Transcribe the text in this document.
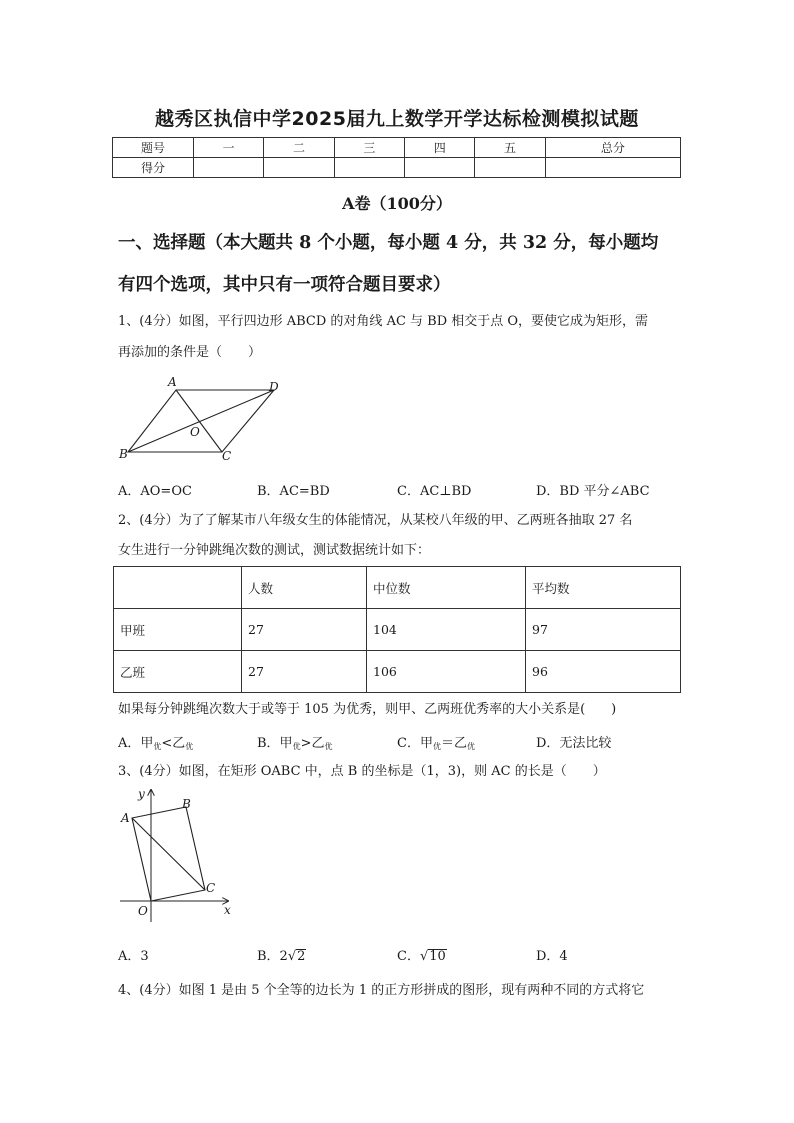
越秀区执信中学2025届九上数学开学达标检测模拟试题
题号	一	二	三	四	五	总分
得分						
A卷（100分）
一、选择题（本大题共 8 个小题，每小题 4 分，共 32 分，每小题均
有四个选项，其中只有一项符合题目要求）
1、(4分）如图，平行四边形 ABCD 的对角线 AC 与 BD 相交于点 O，要使它成为矩形，需
再添加的条件是（　　）
A	D
O
B	C
A．AO=OC	B．AC=BD	C．AC⊥BD	D．BD 平分∠ABC
2、(4分）为了了解某市八年级女生的体能情况，从某校八年级的甲、乙两班各抽取 27 名
女生进行一分钟跳绳次数的测试，测试数据统计如下：
	人数	中位数	平均数
甲班	27	104	97
乙班	27	106	96
如果每分钟跳绳次数大于或等于 105 为优秀，则甲、乙两班优秀率的大小关系是(　　)
A．甲$_优$<乙$_优$	B．甲$_优$>乙$_优$	C．甲$_优$＝乙$_优$	D．无法比较
3、(4分）如图，在矩形 OABC 中，点 B 的坐标是（1，3)，则 AC 的长是（　　）
y
B
A
C
O	x
A．3	B．2√2	C．√10	D．4
4、(4分）如图 1 是由 5 个全等的边长为 1 的正方形拼成的图形，现有两种不同的方式将它
